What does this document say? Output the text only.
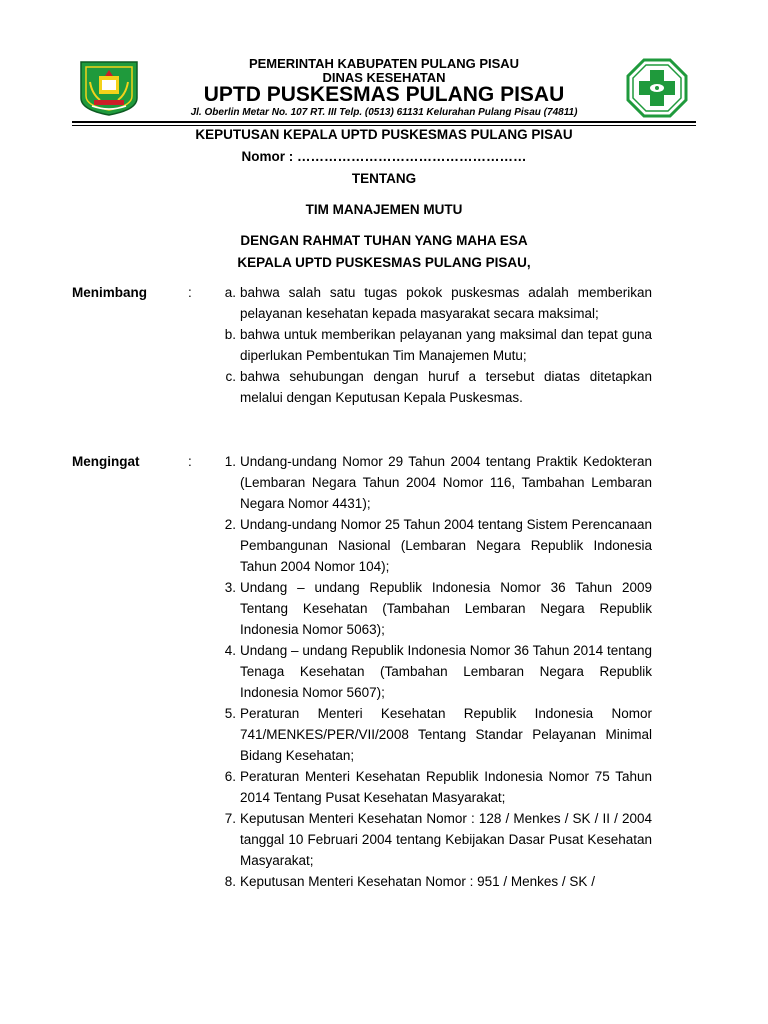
PEMERINTAH KABUPATEN PULANG PISAU
DINAS KESEHATAN
UPTD PUSKESMAS PULANG PISAU
Jl. Oberlin Metar No. 107 RT. III Telp. (0513) 61131 Kelurahan Pulang Pisau (74811)
KEPUTUSAN KEPALA UPTD PUSKESMAS PULANG PISAU
Nomor : ……………………………………………
TENTANG
TIM MANAJEMEN MUTU
DENGAN RAHMAT TUHAN YANG MAHA ESA
KEPALA UPTD PUSKESMAS PULANG PISAU,
Menimbang	:	a. bahwa salah satu tugas pokok puskesmas adalah memberikan pelayanan kesehatan kepada masyarakat secara maksimal;
b. bahwa untuk memberikan pelayanan yang maksimal dan tepat guna diperlukan Pembentukan Tim Manajemen Mutu;
c. bahwa sehubungan dengan huruf a tersebut diatas ditetapkan melalui dengan Keputusan Kepala Puskesmas.
Mengingat	:	1. Undang-undang Nomor 29 Tahun 2004 tentang Praktik Kedokteran (Lembaran Negara Tahun 2004 Nomor 116, Tambahan Lembaran Negara Nomor 4431);
2. Undang-undang Nomor 25 Tahun 2004 tentang Sistem Perencanaan Pembangunan Nasional (Lembaran Negara Republik Indonesia Tahun 2004 Nomor 104);
3. Undang – undang Republik Indonesia Nomor 36 Tahun 2009 Tentang Kesehatan (Tambahan Lembaran Negara Republik Indonesia Nomor 5063);
4. Undang – undang Republik Indonesia Nomor 36 Tahun 2014 tentang Tenaga Kesehatan (Tambahan Lembaran Negara Republik Indonesia Nomor 5607);
5. Peraturan Menteri Kesehatan Republik Indonesia Nomor 741/MENKES/PER/VII/2008 Tentang Standar Pelayanan Minimal Bidang Kesehatan;
6. Peraturan Menteri Kesehatan Republik Indonesia Nomor 75 Tahun 2014 Tentang Pusat Kesehatan Masyarakat;
7. Keputusan Menteri Kesehatan Nomor : 128 / Menkes / SK / II / 2004 tanggal 10 Februari 2004 tentang Kebijakan Dasar Pusat Kesehatan Masyarakat;
8. Keputusan Menteri Kesehatan Nomor : 951 / Menkes / SK /
